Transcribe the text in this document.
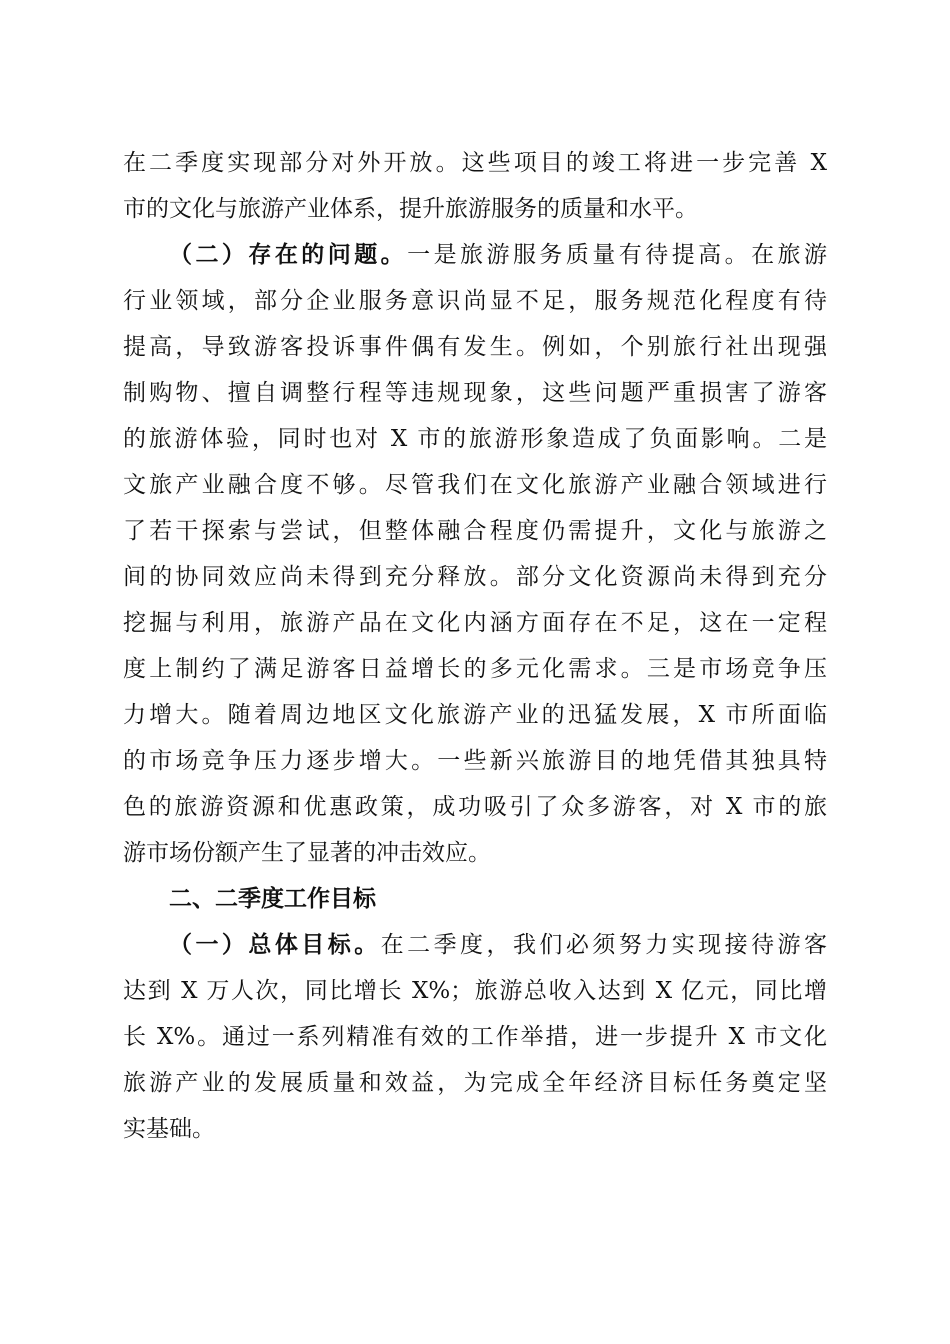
在二季度实现部分对外开放。这些项目的竣工将进一步完善 X
市的文化与旅游产业体系，提升旅游服务的质量和水平。
（二）存在的问题。一是旅游服务质量有待提高。在旅游
行业领域，部分企业服务意识尚显不足，服务规范化程度有待
提高，导致游客投诉事件偶有发生。例如，个别旅行社出现强
制购物、擅自调整行程等违规现象，这些问题严重损害了游客
的旅游体验，同时也对 X 市的旅游形象造成了负面影响。二是
文旅产业融合度不够。尽管我们在文化旅游产业融合领域进行
了若干探索与尝试，但整体融合程度仍需提升，文化与旅游之
间的协同效应尚未得到充分释放。部分文化资源尚未得到充分
挖掘与利用，旅游产品在文化内涵方面存在不足，这在一定程
度上制约了满足游客日益增长的多元化需求。三是市场竞争压
力增大。随着周边地区文化旅游产业的迅猛发展，X 市所面临
的市场竞争压力逐步增大。一些新兴旅游目的地凭借其独具特
色的旅游资源和优惠政策，成功吸引了众多游客，对 X 市的旅
游市场份额产生了显著的冲击效应。
二、二季度工作目标
（一）总体目标。在二季度，我们必须努力实现接待游客
达到 X 万人次，同比增长 X%；旅游总收入达到 X 亿元，同比增
长 X%。通过一系列精准有效的工作举措，进一步提升 X 市文化
旅游产业的发展质量和效益，为完成全年经济目标任务奠定坚
实基础。
